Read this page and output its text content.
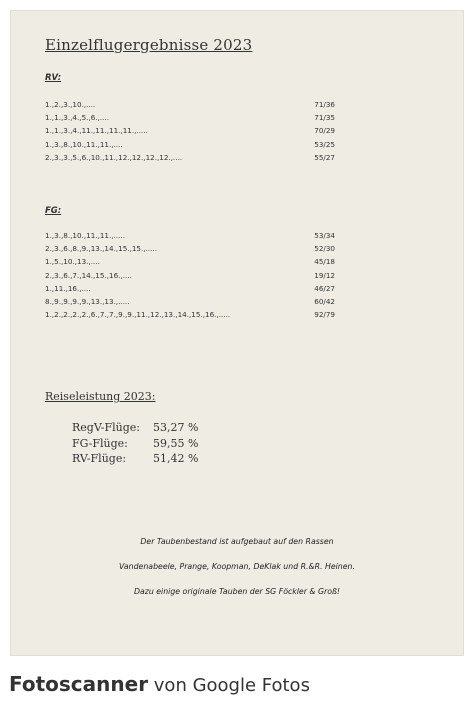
Einzelflugergebnisse 2023
RV:
1.,2.,3.,10.,....	71/36
1.,1.,3.,4.,5.,6.,....	71/35
1.,1.,3.,4.,11.,11.,11.,11.,.....	70/29
1.,3.,8.,10.,11.,11.,....	53/25
2.,3.,3.,5.,6.,10.,11.,12.,12.,12.,12.,....	55/27
FG:
1.,3.,8.,10.,11.,11.,.....	53/34
2.,3.,6.,8.,9.,13.,14.,15.,15.,.....	52/30
1.,5.,10.,13.,....	45/18
2.,3.,6.,7.,14.,15.,16.,....	19/12
1.,11.,16.,....	46/27
8.,9.,9.,9.,9.,13.,13.,.....	60/42
1.,2.,2.,2.,2.,6.,7.,7.,9.,9.,11.,12.,13.,14.,15.,16.,.....	92/79
Reiseleistung 2023:
RegV-Flüge: 53,27 %
FG-Flüge: 59,55 %
RV-Flüge: 51,42 %
Der Taubenbestand ist aufgebaut auf den Rassen
Vandenabeele, Prange, Koopman, DeKlak und R.&R. Heinen.
Dazu einige originale Tauben der SG Föckler & Groß!
Fotoscanner von Google Fotos
